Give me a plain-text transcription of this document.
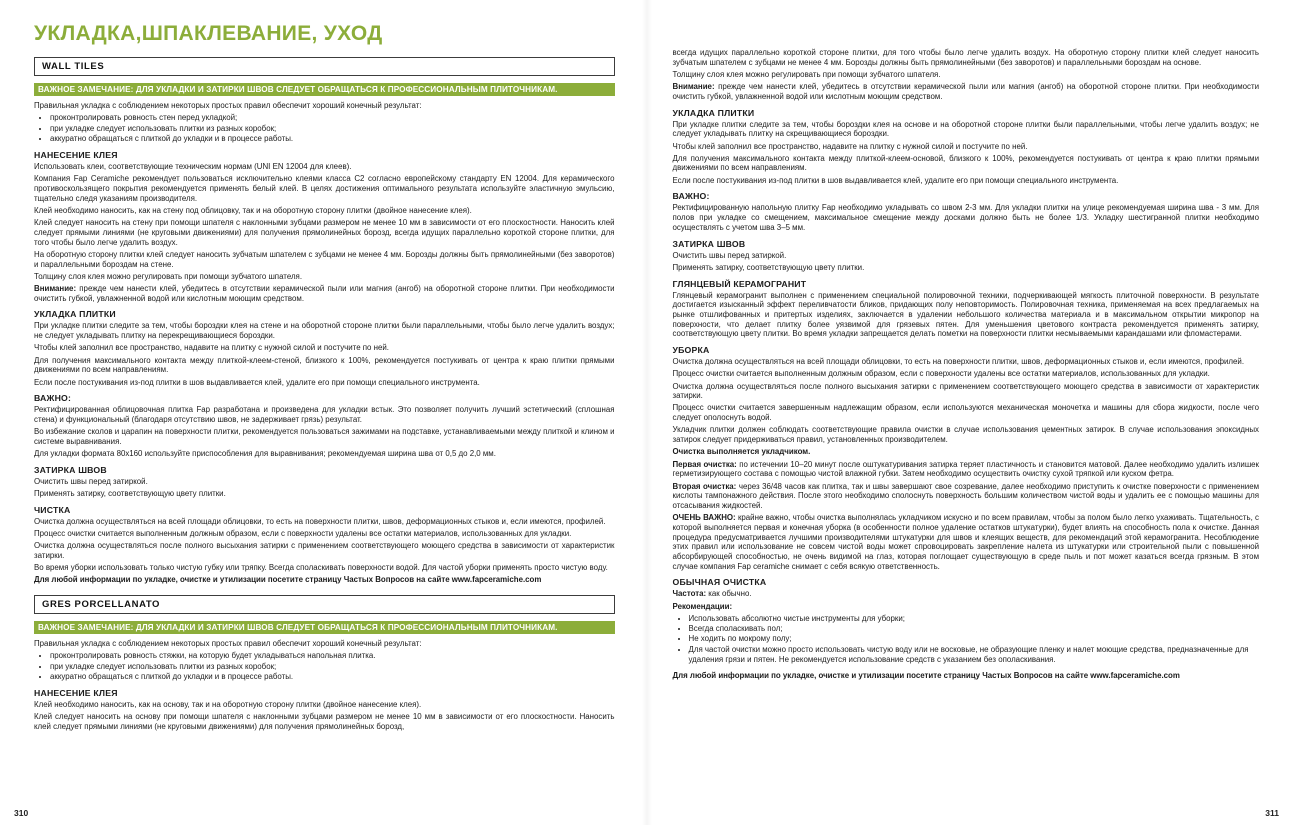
УКЛАДКА,ШПАКЛЕВАНИЕ, УХОД
WALL TILES
ВАЖНОЕ ЗАМЕЧАНИЕ: ДЛЯ УКЛАДКИ И ЗАТИРКИ ШВОВ СЛЕДУЕТ ОБРАЩАТЬСЯ К ПРОФЕССИОНАЛЬНЫМ ПЛИТОЧНИКАМ.

Правильная укладка с соблюдением некоторых простых правил обеспечит хороший конечный результат:

• проконтролировать ровность стен перед укладкой;
• при укладке следует использовать плитки из разных коробок;
• аккуратно обращаться с плиткой до укладки и в процессе работы.
НАНЕСЕНИЕ КЛЕЯ

Использовать клеи, соответствующие техническим нормам (UNI EN 12004 для клеев).

Компания Fap Ceramiche рекомендует пользоваться исключительно клеями класса C2 согласно европейскому стандарту EN 12004. Для керамического противоскользящего покрытия рекомендуется применять белый клей. В целях достижения оптимального результата используйте эластичную эмульсию, тщательно следя указаниям производителя.

Клей необходимо наносить, как на стену под облицовку, так и на оборотную сторону плитки (двойное нанесение клея).

Клей следует наносить на стену при помощи шпателя с наклонными зубцами размером не менее 10 мм в зависимости от его плоскостности. Наносить клей следует прямыми линиями (не круговыми движениями) для получения прямолинейных борозд, всегда идущих параллельно короткой стороне плитки, для того чтобы было легче удалить воздух.

На оборотную сторону плитки клей следует наносить зубчатым шпателем с зубцами не менее 4 мм. Борозды должны быть прямолинейными (без заворотов) и параллельными бороздам на стене.

Толщину слоя клея можно регулировать при помощи зубчатого шпателя.

Внимание: прежде чем нанести клей, убедитесь в отсутствии керамической пыли или магния (ангоб) на оборотной стороне плитки. При необходимости очистить губкой, увлажненной водой или кислотным моющим средством.

УКЛАДКА ПЛИТКИ

При укладке плитки следите за тем, чтобы бороздки клея на стене и на оборотной стороне плитки были параллельными, чтобы было легче удалить воздух; не следует укладывать плитку на перекрещивающиеся бороздки.

Чтобы клей заполнил все пространство, надавите на плитку с нужной силой и постучите по ней.

Для получения максимального контакта между плиткой-клеем-стеной, близкого к 100%, рекомендуется постукивать от центра к краю плитки прямыми движениями по всем направлениям.

Если после постукивания из-под плитки в шов выдавливается клей, удалите его при помощи специального инструмента.

ВАЖНО:

Ректифицированная облицовочная плитка Fap разработана и произведена для укладки встык. Это позволяет получить лучший эстетический (сплошная стена) и функциональный (благодаря отсутствию швов, не задерживает грязь) результат.

Во избежание сколов и царапин на поверхности плитки, рекомендуется пользоваться зажимами на подставке, устанавливаемыми между плиткой и клином и системе выравнивания.

Для укладки формата 80x160 используйте приспособления для выравнивания; рекомендуемая ширина шва от 0,5 до 2,0 мм.

ЗАТИРКА ШВОВ

Очистить швы перед затиркой.

Применять затирку, соответствующую цвету плитки.

ЧИСТКА

Очистка должна осуществляться на всей площади облицовки, то есть на поверхности плитки, швов, деформационных стыков и, если имеются, профилей.

Процесс очистки считается выполненным должным образом, если с поверхности удалены все остатки материалов, использованных для укладки.

Очистка должна осуществляться после полного высыхания затирки с применением соответствующего моющего средства в зависимости от характеристик затирки.

Во время уборки использовать только чистую губку или тряпку. Всегда споласкивать поверхности водой. Для частой уборки применять просто чистую воду.

Для любой информации по укладке, очистке и утилизации посетите страницу Частых Вопросов на сайте www.fapceramiche.com

GRES PORCELLANATO
ВАЖНОЕ ЗАМЕЧАНИЕ: ДЛЯ УКЛАДКИ И ЗАТИРКИ ШВОВ СЛЕДУЕТ ОБРАЩАТЬСЯ К ПРОФЕССИОНАЛЬНЫМ ПЛИТОЧНИКАМ.

Правильная укладка с соблюдением некоторых простых правил обеспечит хороший конечный результат:

• проконтролировать ровность стяжки, на которую будет укладываться напольная плитка.
• при укладке следует использовать плитки из разных коробок;
• аккуратно обращаться с плиткой до укладки и в процессе работы.
НАНЕСЕНИЕ КЛЕЯ

Клей необходимо наносить, как на основу, так и на оборотную сторону плитки (двойное нанесение клея).

Клей следует наносить на основу при помощи шпателя с наклонными зубцами размером не менее 10 мм в зависимости от его плоскостности. Наносить клей следует прямыми линиями (не круговыми движениями) для получения прямолинейных борозд,

310

всегда идущих параллельно короткой стороне плитки, для того чтобы было легче удалить воздух. На оборотную сторону плитки клей следует наносить зубчатым шпателем с зубцами не менее 4 мм. Борозды должны быть прямолинейными (без заворотов) и параллельными бороздам на основе.

Толщину слоя клея можно регулировать при помощи зубчатого шпателя.

Внимание: прежде чем нанести клей, убедитесь в отсутствии керамической пыли или магния (ангоб) на оборотной стороне плитки. При необходимости очистить губкой, увлажненной водой или кислотным моющим средством.

УКЛАДКА ПЛИТКИ

При укладке плитки следите за тем, чтобы бороздки клея на основе и на оборотной стороне плитки были параллельными, чтобы легче удалить воздух; не следует укладывать плитку на скрещивающиеся бороздки.

Чтобы клей заполнил все пространство, надавите на плитку с нужной силой и постучите по ней.

Для получения максимального контакта между плиткой-клеем-основой, близкого к 100%, рекомендуется постукивать от центра к краю плитки прямыми движениями по всем направлениям.

Если после постукивания из-под плитки в шов выдавливается клей, удалите его при помощи специального инструмента.

ВАЖНО:

Ректифицированную напольную плитку Fap необходимо укладывать со швом 2-3 мм. Для укладки плитки на улице рекомендуемая ширина шва - 3 мм. Для полов при укладке со смещением, максимальное смещение между досками должно быть не более 1/3. Укладку шестигранной плитки необходимо осуществлять с учетом шва 3–5 мм.

ЗАТИРКА ШВОВ

Очистить швы перед затиркой.

Применять затирку, соответствующую цвету плитки.

ГЛЯНЦЕВЫЙ КЕРАМОГРАНИТ

Глянцевый керамогранит выполнен с применением специальной полировочной техники, подчеркивающей мягкость плиточной поверхности. В результате достигается изысканный эффект переливчатости бликов, придающих полу неповторимость. Полировочная техника, применяемая на всех предлагаемых на рынке отшлифованных и притертых изделиях, заключается в удалении небольшого количества материала и в максимальном открытии микропор на поверхности, что делает плитку более уязвимой для грязевых пятен. Для уменьшения цветового контраста рекомендуется применять затирку, соответствующую цвету плитки. Во время укладки запрещается делать пометки на поверхности плитки несмываемыми карандашами или фломастерами.

УБОРКА

Очистка должна осуществляться на всей площади облицовки, то есть на поверхности плитки, швов, деформационных стыков и, если имеются, профилей.

Процесс очистки считается выполненным должным образом, если с поверхности удалены все остатки материалов, использованных для укладки.

Очистка должна осуществляться после полного высыхания затирки с применением соответствующего моющего средства в зависимости от характеристик затирки.

Процесс очистки считается завершенным надлежащим образом, если используются механическая моночетка и машины для сбора жидкости, после чего следует ополоснуть водой.

Укладчик плитки должен соблюдать соответствующие правила очистки в случае использования цементных затирок. В случае использования эпоксидных затирок следует придерживаться правил, установленных производителем.

Очистка выполняется укладчиком.

Первая очистка: по истечении 10–20 минут после оштукатуривания затирка теряет пластичность и становится матовой. Далее необходимо удалить излишек герметизирующего состава с помощью чистой влажной губки. Затем необходимо осуществить очистку сухой тряпкой или куском фетра.

Вторая очистка: через 36/48 часов как плитка, так и швы завершают свое созревание, далее необходимо приступить к очистке поверхности с применением кислоты тампонажного действия. После этого необходимо сполоснуть поверхность большим количеством чистой воды и удалить ее с помощью машины для отсасывания жидкостей.

ОЧЕНЬ ВАЖНО: крайне важно, чтобы очистка выполнялась укладчиком искусно и по всем правилам, чтобы за полом было легко ухаживать. Тщательность, с которой выполняется первая и конечная уборка (в особенности полное удаление остатков штукатурки), будет влиять на способность пола к очистке. Данная процедура предусматривается лучшими производителями штукатурки для швов и клеящих веществ, для рекомендаций этой керамогранита. Несоблюдение этих правил или использование не совсем чистой воды может спровоцировать закрепление налета из штукатурки или строительной пыли с повышенной абсорбирующей способностью, не очень видимой на глаз, которая поглощает существующую в среде пыль и пот может казаться всегда грязным. В этом случае компания Fap ceramiche снимает с себя всякую ответственность.

ОБЫЧНАЯ ОЧИСТКА

Частота: как обычно.

Рекомендации:

• Использовать абсолютно чистые инструменты для уборки;
• Всегда споласкивать пол;
• Не ходить по мокрому полу;
• Для частой очистки можно просто использовать чистую воду или не восковые, не образующие пленку и налет моющие средства, предназначенные для удаления грязи и пятен. Не рекомендуется использование средств с указанием без ополаскивания.

Для любой информации по укладке, очистке и утилизации посетите страницу Частых Вопросов на сайте www.fapceramiche.com

311
